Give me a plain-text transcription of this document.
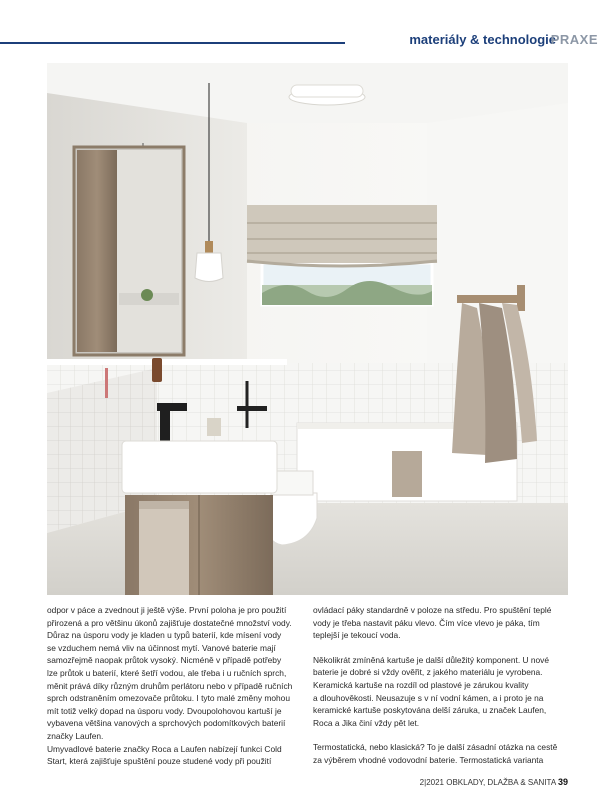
materiály & technologie
PRAXE

odpor v páce a zvednout ji ještě výše. První poloha je pro použití
přirozená a pro většinu úkonů zajišťuje dostatečné množství vody.
Důraz na úsporu vody je kladen u typů baterií, kde mísení vody
se vzduchem nemá vliv na účinnost mytí. Vanové baterie mají
samozřejmě naopak průtok vysoký. Nicméně v případě potřeby
lze průtok u baterií, které šetří vodou, ale třeba i u ručních sprch,
měnit prává díky různým druhům perlátoru nebo v případě ručních
sprch odstraněním omezovače průtoku. I tyto malé změny mohou
mít totiž velký dopad na úsporu vody. Dvoupolohovou kartuší je
vybavena většina vanových a sprchových podomítkových baterií
značky Laufen.
Umyvadlové baterie značky Roca a Laufen nabízejí funkci Cold
Start, která zajišťuje spuštění pouze studené vody při použití

ovládací páky standardně v poloze na středu. Pro spuštění teplé
vody je třeba nastavit páku vlevo. Čím více vlevo je páka, tím
teplejší je tekoucí voda.

Několikrát zmíněná kartuše je další důležitý komponent. U nové
baterie je dobré si vždy ověřit, z jakého materiálu je vyrobena.
Keramická kartuše na rozdíl od plastové je zárukou kvality
a dlouhověkosti. Neusazuje s v ní vodní kámen, a i proto je na
keramické kartuše poskytována delší záruka, u značek Laufen,
Roca a Jika činí vždy pět let.

Termostatická, nebo klasická? To je další zásadní otázka na cestě
za výběrem vhodné vodovodní baterie. Termostatická varianta

2|2021 OBKLADY, DLAŽBA & SANITA 39
